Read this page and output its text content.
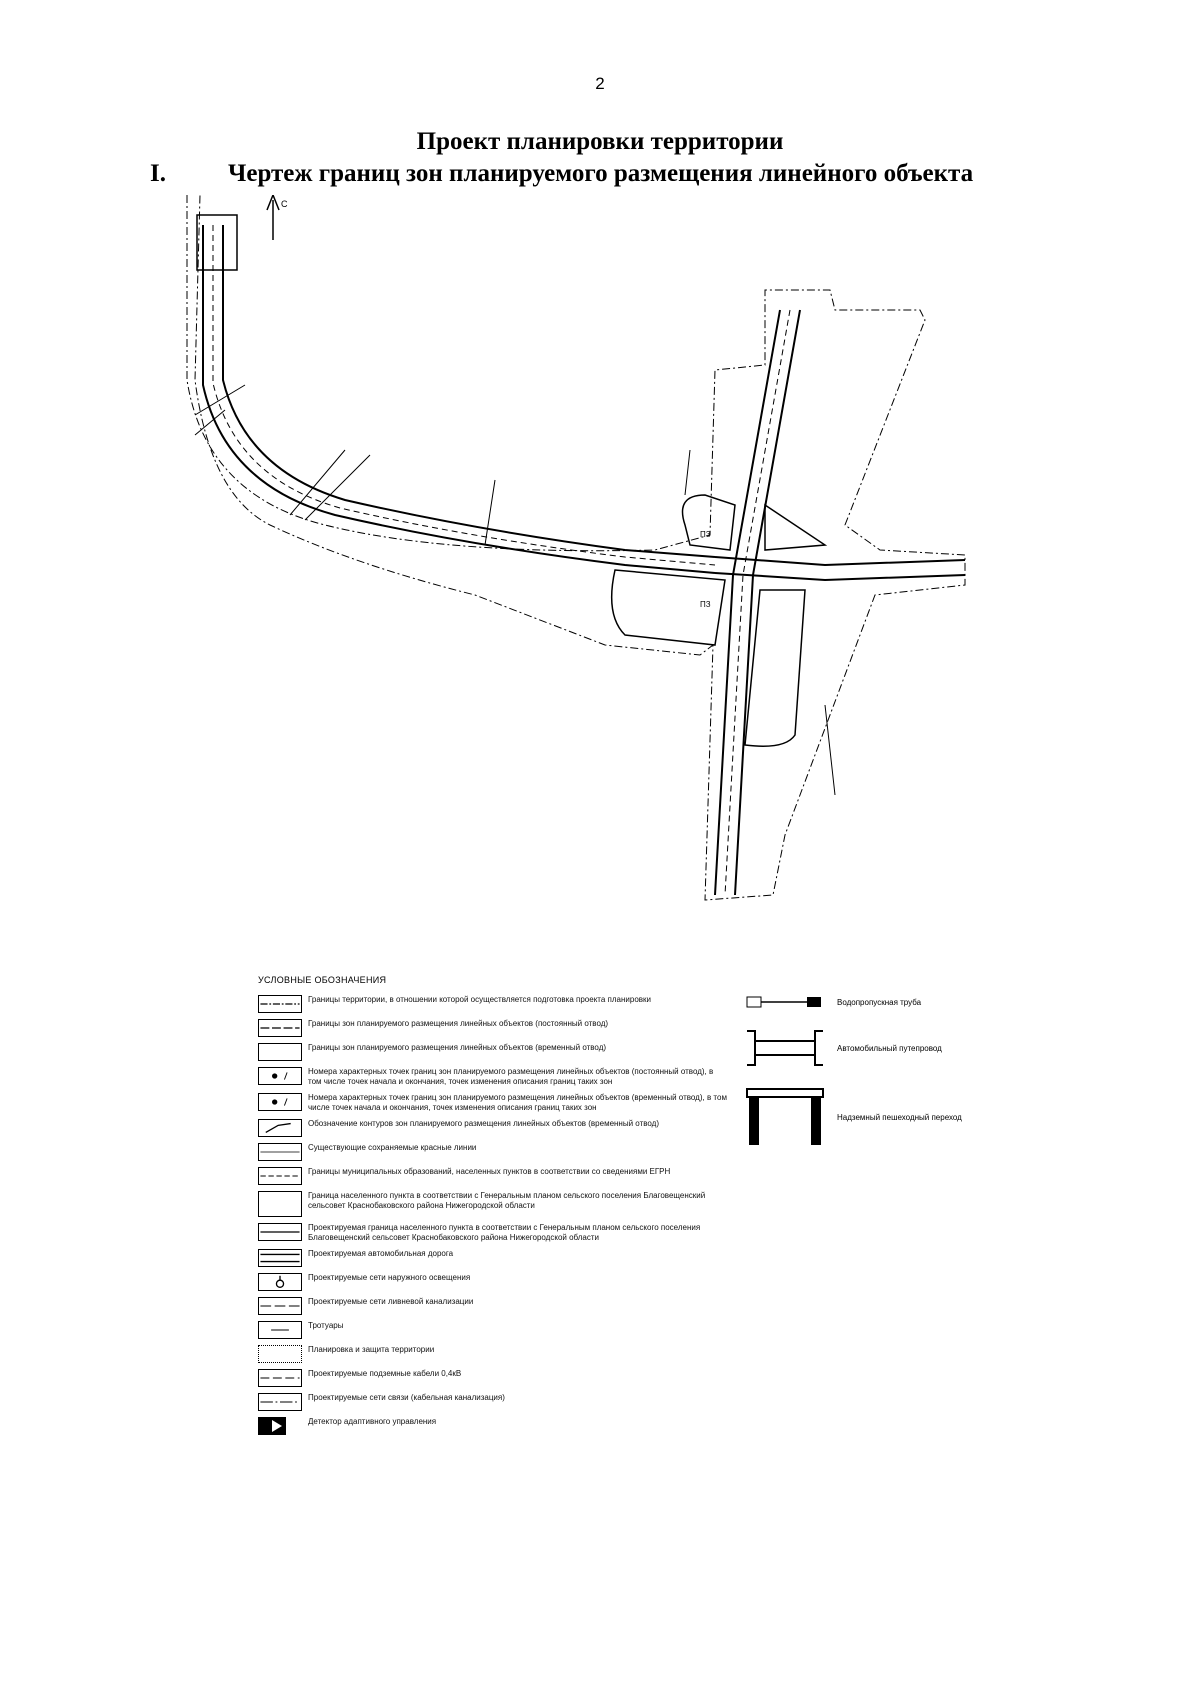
2
Проект планировки территории
I. Чертеж границ зон планируемого размещения линейного объекта
С
ПЗ
ПЗ
УСЛОВНЫЕ ОБОЗНАЧЕНИЯ
Границы территории, в отношении которой осуществляется подготовка проекта планировки
Границы зон планируемого размещения линейных объектов (постоянный отвод)
Границы зон планируемого размещения линейных объектов (временный отвод)
Номера характерных точек границ зон планируемого размещения линейных объектов (постоянный отвод), в том числе точек начала и окончания, точек изменения описания границ таких зон
Номера характерных точек границ зон планируемого размещения линейных объектов (временный отвод), в том числе точек начала и окончания, точек изменения описания границ таких зон
Обозначение контуров зон планируемого размещения линейных объектов (временный отвод)
Существующие сохраняемые красные линии
Границы муниципальных образований, населенных пунктов в соответствии со сведениями ЕГРН
Граница населенного пункта в соответствии с Генеральным планом сельского поселения Благовещенский сельсовет Краснобаковского района Нижегородской области
Проектируемая граница населенного пункта в соответствии с Генеральным планом сельского поселения Благовещенский сельсовет Краснобаковского района Нижегородской области
Проектируемая автомобильная дорога
Проектируемые сети наружного освещения
Проектируемые сети ливневой канализации
Тротуары
Планировка и защита территории
Проектируемые подземные кабели 0,4кВ
Проектируемые сети связи (кабельная канализация)
Детектор адаптивного управления
Водопропускная труба
Автомобильный путепровод
Надземный пешеходный переход
